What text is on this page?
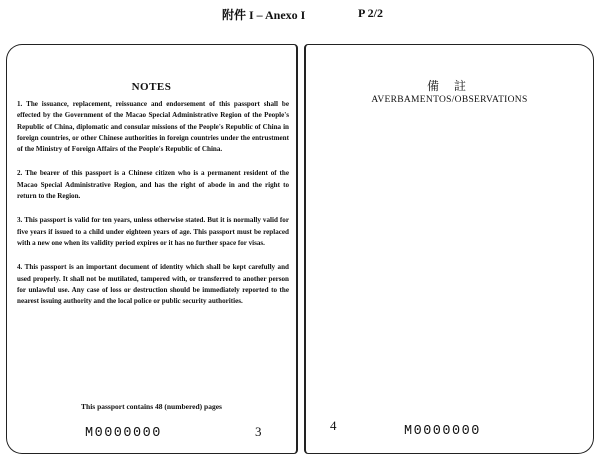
附件 I – Anexo I	P 2/2
NOTES
1. The issuance, replacement, reissuance and endorsement of this passport shall be effected by the Government of the Macao Special Administrative Region of the People's Republic of China, diplomatic and consular missions of the People's Republic of China in foreign countries, or other Chinese authorities in foreign countries under the entrustment of the Ministry of Foreign Affairs of the People's Republic of China.
2. The bearer of this passport is a Chinese citizen who is a permanent resident of the Macao Special Administrative Region, and has the right of abode in and the right to return to the Region.
3. This passport is valid for ten years, unless otherwise stated. But it is normally valid for five years if issued to a child under eighteen years of age. This passport must be replaced with a new one when its validity period expires or it has no further space for visas.
4. This passport is an important document of identity which shall be kept carefully and used properly. It shall not be mutilated, tampered with, or transferred to another person for unlawful use. Any case of loss or destruction should be immediately reported to the nearest issuing authority and the local police or public security authorities.
This passport contains 48 (numbered) pages
M0000000	3
備 註
AVERBAMENTOS/OBSERVATIONS
4	M0000000
